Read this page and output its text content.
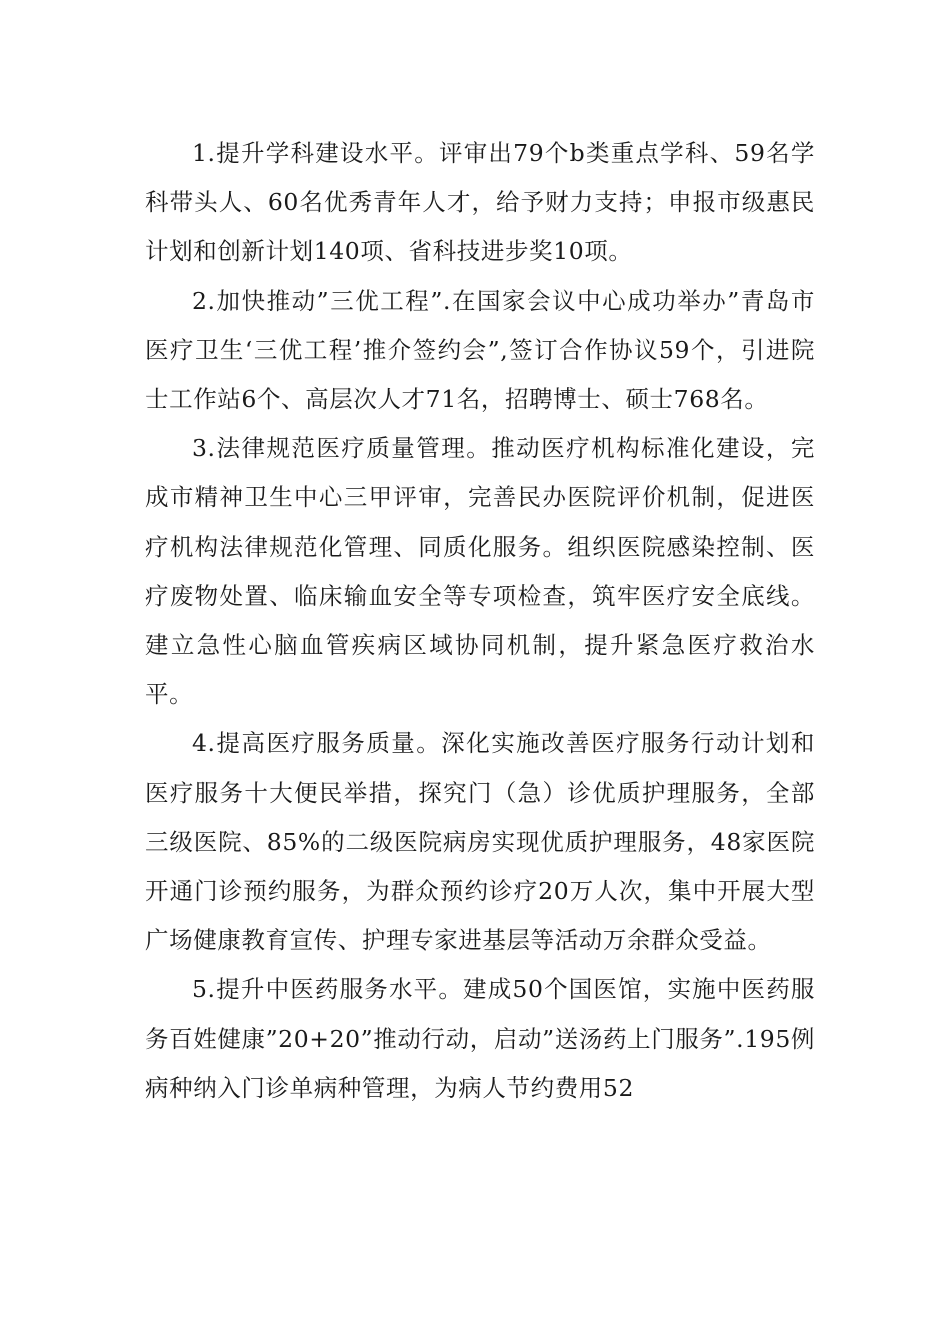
1.提升学科建设水平。评审出79个b类重点学科、59名学科带头人、60名优秀青年人才，给予财力支持；申报市级惠民计划和创新计划140项、省科技进步奖10项。

2.加快推动”三优工程”.在国家会议中心成功举办”青岛市医疗卫生‘三优工程’推介签约会”,签订合作协议59个，引进院士工作站6个、高层次人才71名，招聘博士、硕士768名。

3.法律规范医疗质量管理。推动医疗机构标准化建设，完成市精神卫生中心三甲评审，完善民办医院评价机制，促进医疗机构法律规范化管理、同质化服务。组织医院感染控制、医疗废物处置、临床输血安全等专项检查，筑牢医疗安全底线。建立急性心脑血管疾病区域协同机制，提升紧急医疗救治水平。

4.提高医疗服务质量。深化实施改善医疗服务行动计划和医疗服务十大便民举措，探究门（急）诊优质护理服务，全部三级医院、85%的二级医院病房实现优质护理服务，48家医院开通门诊预约服务，为群众预约诊疗20万人次，集中开展大型广场健康教育宣传、护理专家进基层等活动万余群众受益。

5.提升中医药服务水平。建成50个国医馆，实施中医药服务百姓健康”20+20”推动行动，启动”送汤药上门服务”.195例病种纳入门诊单病种管理，为病人节约费用52
